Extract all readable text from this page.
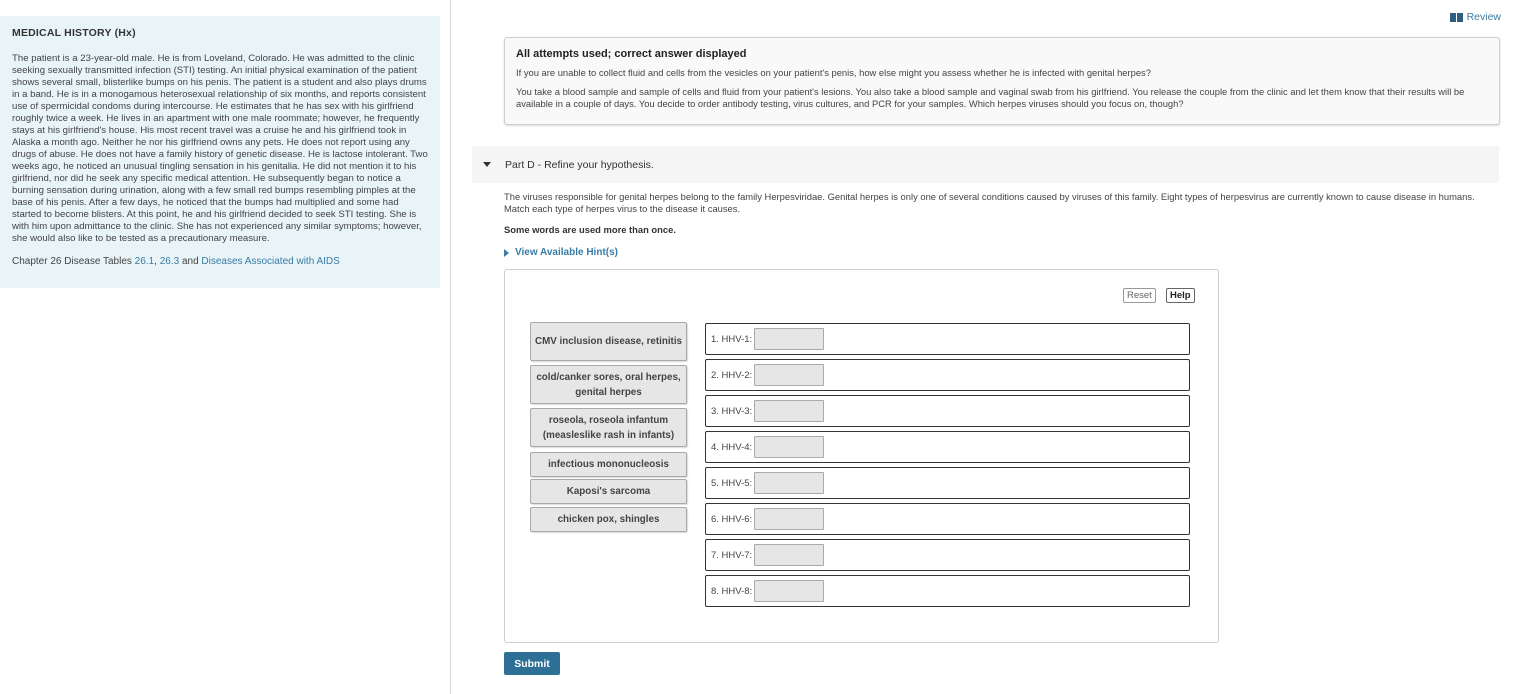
MEDICAL HISTORY (Hx)

The patient is a 23-year-old male. He is from Loveland, Colorado. He was admitted to the clinic seeking sexually transmitted infection (STI) testing. An initial physical examination of the patient shows several small, blisterlike bumps on his penis. The patient is a student and also plays drums in a band. He is in a monogamous heterosexual relationship of six months, and reports consistent use of spermicidal condoms during intercourse. He estimates that he has sex with his girlfriend roughly twice a week. He lives in an apartment with one male roommate; however, he frequently stays at his girlfriend's house. His most recent travel was a cruise he and his girlfriend took in Alaska a month ago. Neither he nor his girlfriend owns any pets. He does not report using any drugs of abuse. He does not have a family history of genetic disease. He is lactose intolerant. Two weeks ago, he noticed an unusual tingling sensation in his genitalia. He did not mention it to his girlfriend, nor did he seek any specific medical attention. He subsequently began to notice a burning sensation during urination, along with a few small red bumps resembling pimples at the base of his penis. After a few days, he noticed that the bumps had multiplied and some had started to become blisters. At this point, he and his girlfriend decided to seek STI testing. She is with him upon admittance to the clinic. She has not experienced any similar symptoms; however, she would also like to be tested as a precautionary measure.

Chapter 26 Disease Tables 26.1, 26.3 and Diseases Associated with AIDS
Review
All attempts used; correct answer displayed

If you are unable to collect fluid and cells from the vesicles on your patient's penis, how else might you assess whether he is infected with genital herpes?

You take a blood sample and sample of cells and fluid from your patient's lesions. You also take a blood sample and vaginal swab from his girlfriend. You release the couple from the clinic and let them know that their results will be available in a couple of days. You decide to order antibody testing, virus cultures, and PCR for your samples. Which herpes viruses should you focus on, though?

Part D - Refine your hypothesis.

The viruses responsible for genital herpes belong to the family Herpesviridae. Genital herpes is only one of several conditions caused by viruses of this family. Eight types of herpesvirus are currently known to cause disease in humans. Match each type of herpes virus to the disease it causes.

Some words are used more than once.
View Available Hint(s)
Reset	Help
CMV inclusion disease, retinitis
cold/canker sores, oral herpes, genital herpes
roseola, roseola infantum (measleslike rash in infants)
infectious mononucleosis
Kaposi's sarcoma
chicken pox, shingles
1. HHV-1:
2. HHV-2:
3. HHV-3:
4. HHV-4:
5. HHV-5:
6. HHV-6:
7. HHV-7:
8. HHV-8:
Submit
